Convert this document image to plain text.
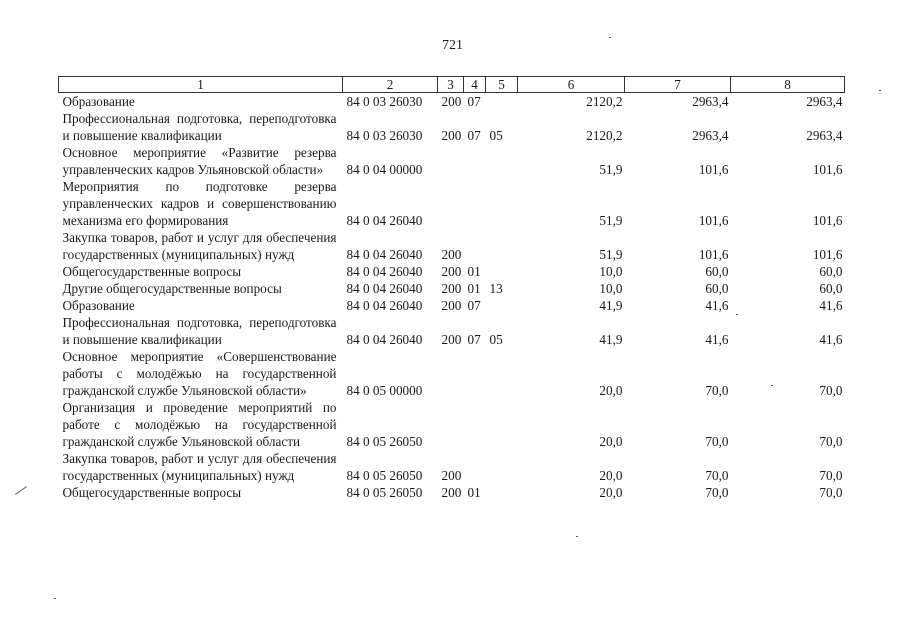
721
1	2	3	4	5	6	7	8
Образование	84 0 03 26030	200	07		2120,2	2963,4	2963,4
Профессиональная подготовка, переподготовка и повышение квалификации	84 0 03 26030	200	07	05	2120,2	2963,4	2963,4
Основное мероприятие «Развитие резерва управленческих кадров Ульяновской области»	84 0 04 00000				51,9	101,6	101,6
Мероприятия по подготовке резерва управленческих кадров и совершенствованию механизма его формирования	84 0 04 26040				51,9	101,6	101,6
Закупка товаров, работ и услуг для обеспечения государственных (муниципальных) нужд	84 0 04 26040	200			51,9	101,6	101,6
Общегосударственные вопросы	84 0 04 26040	200	01		10,0	60,0	60,0
Другие общегосударственные вопросы	84 0 04 26040	200	01	13	10,0	60,0	60,0
Образование	84 0 04 26040	200	07		41,9	41,6	41,6
Профессиональная подготовка, переподготовка и повышение квалификации	84 0 04 26040	200	07	05	41,9	41,6	41,6
Основное мероприятие «Совершенствование работы с молодёжью на государственной гражданской службе Ульяновской области»	84 0 05 00000				20,0	70,0	70,0
Организация и проведение мероприятий по работе с молодёжью на государственной гражданской службе Ульяновской области	84 0 05 26050				20,0	70,0	70,0
Закупка товаров, работ и услуг для обеспечения государственных (муниципальных) нужд	84 0 05 26050	200			20,0	70,0	70,0
Общегосударственные вопросы	84 0 05 26050	200	01		20,0	70,0	70,0
